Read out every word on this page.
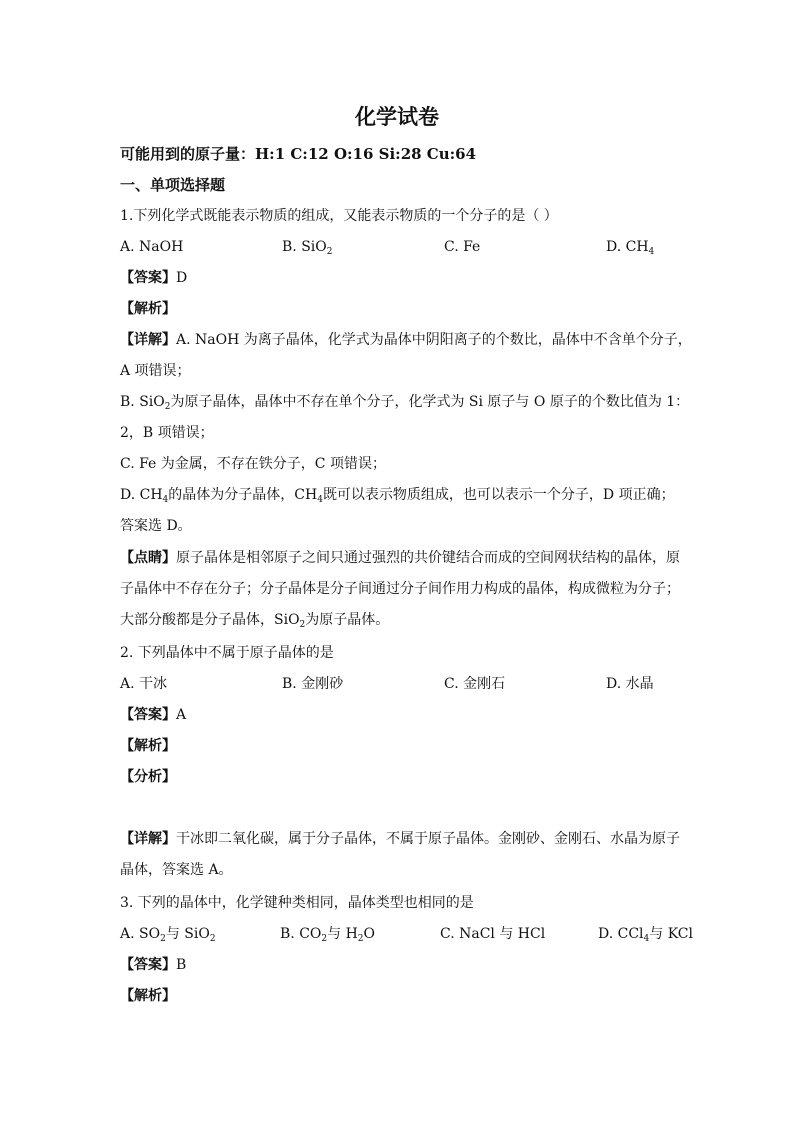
化学试卷
可能用到的原子量：H:1 C:12 O:16 Si:28 Cu:64
一、单项选择题
1.下列化学式既能表示物质的组成，又能表示物质的一个分子的是（ ）
A. NaOH	B. SiO$_2$	C. Fe	D. $CH_4$
【答案】D
【解析】
【详解】A. NaOH 为离子晶体，化学式为晶体中阴阳离子的个数比，晶体中不含单个分子，
A 项错误；
B. SiO$_2$为原子晶体，晶体中不存在单个分子，化学式为 Si 原子与 O 原子的个数比值为 1：
2，B 项错误；
C. Fe 为金属，不存在铁分子，C 项错误；
D. $CH_4$的晶体为分子晶体，$CH_4$既可以表示物质组成，也可以表示一个分子，D 项正确；
答案选 D。
【点睛】原子晶体是相邻原子之间只通过强烈的共价键结合而成的空间网状结构的晶体，原
子晶体中不存在分子；分子晶体是分子间通过分子间作用力构成的晶体，构成微粒为分子；
大部分酸都是分子晶体，SiO$_2$为原子晶体。
2. 下列晶体中不属于原子晶体的是
A. 干冰	B. 金刚砂	C. 金刚石	D. 水晶
【答案】A
【解析】
【分析】
【详解】干冰即二氧化碳，属于分子晶体，不属于原子晶体。金刚砂、金刚石、水晶为原子
晶体，答案选 A。
3. 下列的晶体中，化学键种类相同，晶体类型也相同的是
A. $SO_2$与 SiO$_2$	B. $CO_2$与 $H_2O$	C. NaCl 与 HCl	D. CCl$_4$与 KCl
【答案】B
【解析】
